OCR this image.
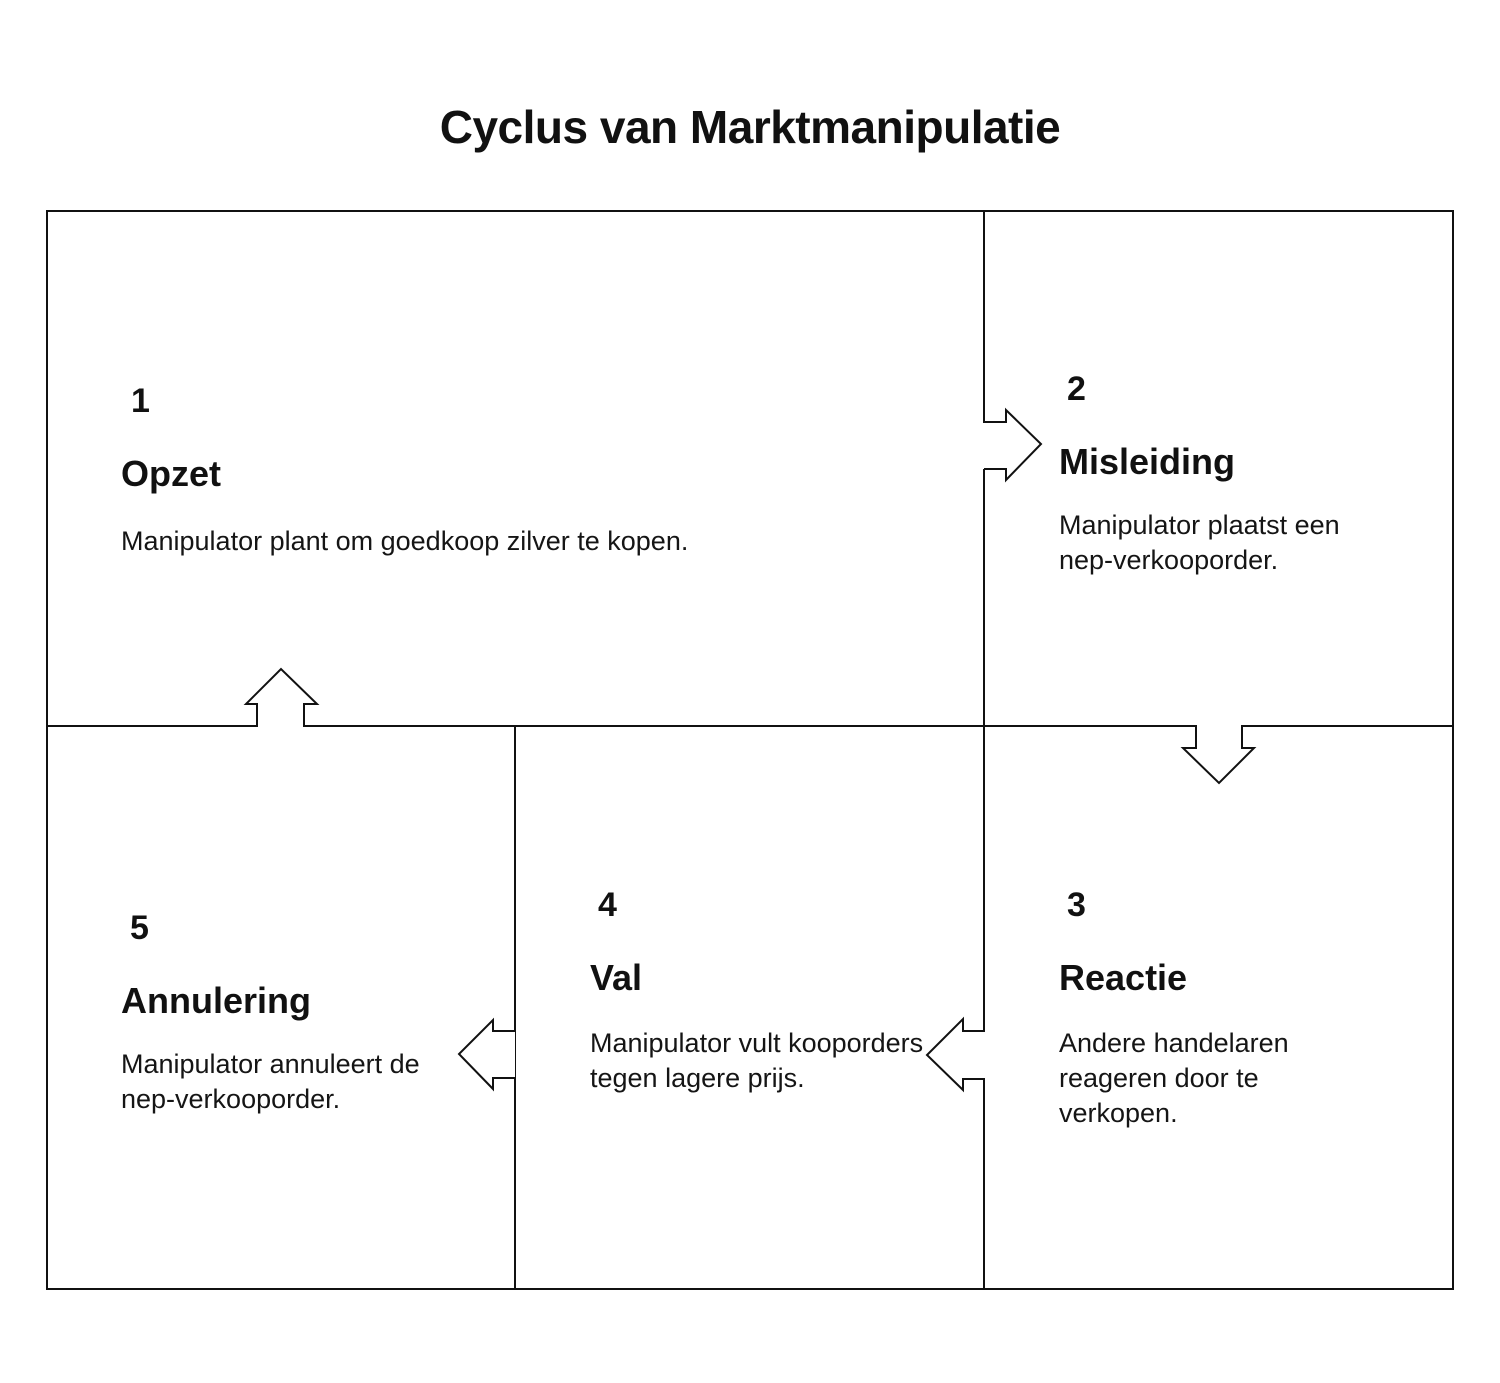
Cyclus van Marktmanipulatie

1

Opzet

Manipulator plant om goedkoop zilver te kopen.

2

Misleiding

Manipulator plaatst een nep-verkooporder.

3

Reactie

Andere handelaren reageren door te verkopen.

4

Val

Manipulator vult kooporders tegen lagere prijs.

5

Annulering

Manipulator annuleert de nep-verkooporder.
